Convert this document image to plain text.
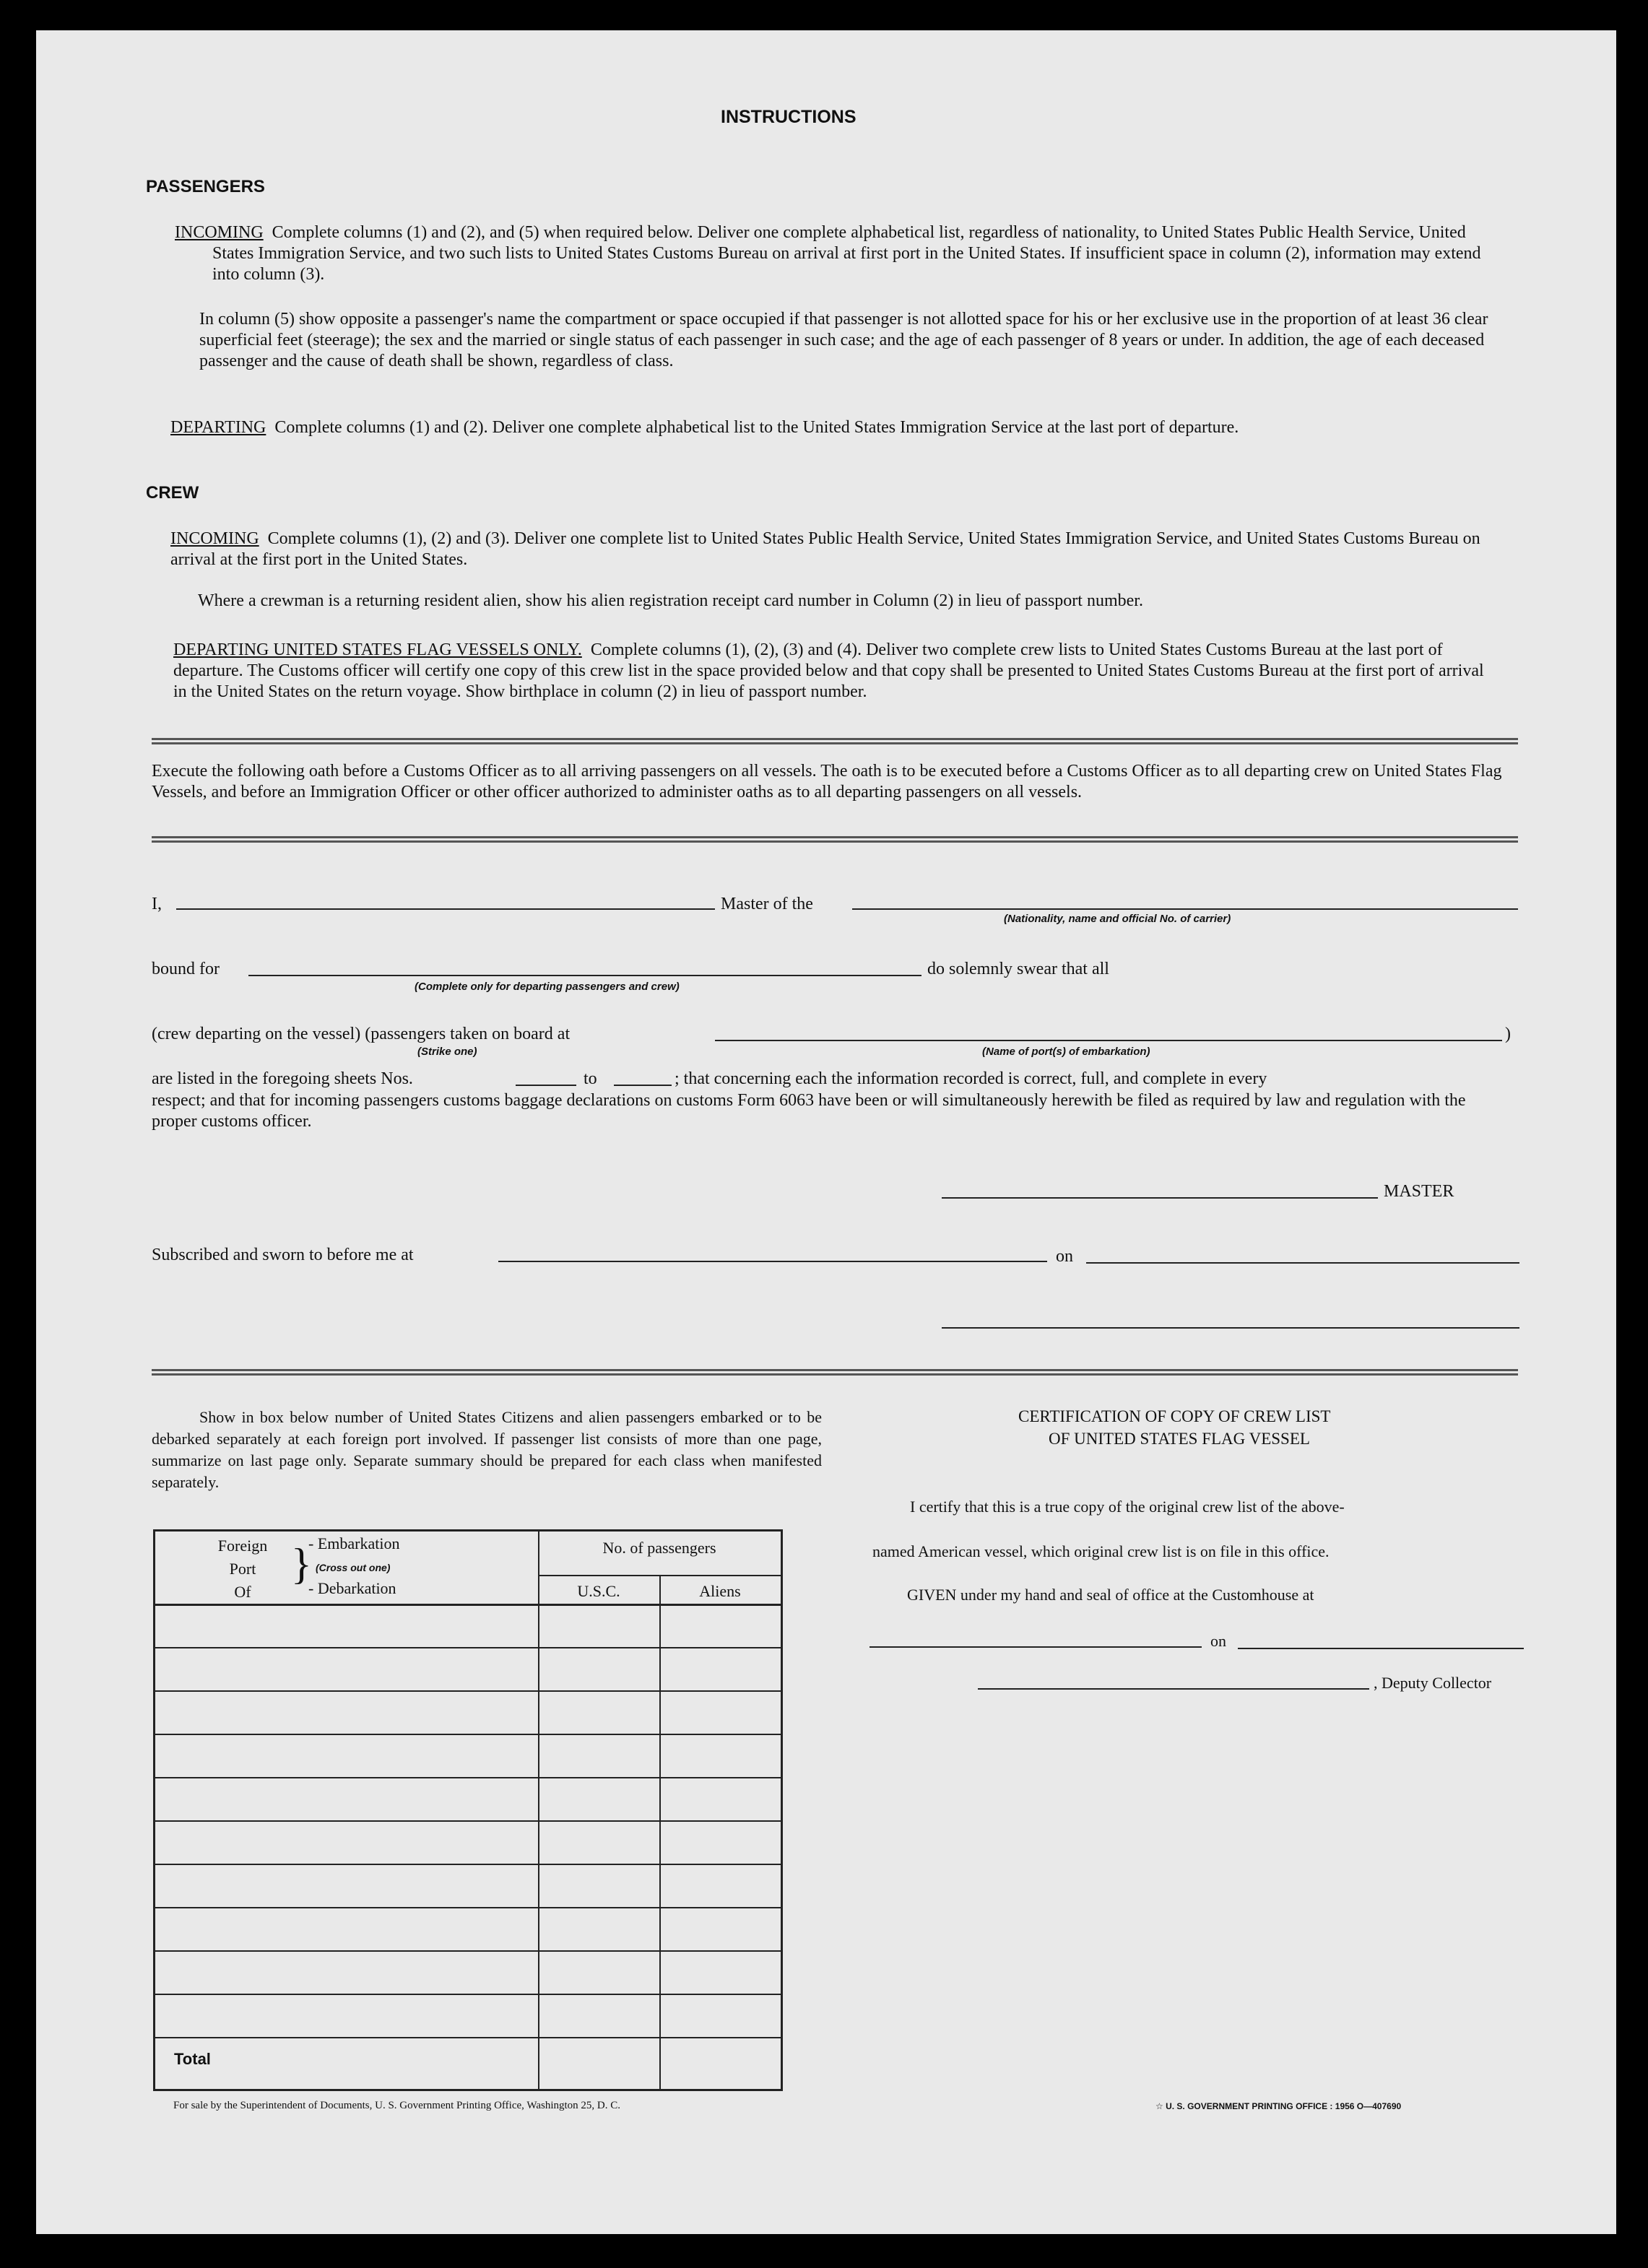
INSTRUCTIONS
PASSENGERS
INCOMING Complete columns (1) and (2), and (5) when required below. Deliver one complete alphabetical list, regardless of nationality, to United States Public Health Service, United States Immigration Service, and two such lists to United States Customs Bureau on arrival at first port in the United States. If insufficient space in column (2), information may extend into column (3).
In column (5) show opposite a passenger's name the compartment or space occupied if that passenger is not allotted space for his or her exclusive use in the proportion of at least 36 clear superficial feet (steerage); the sex and the married or single status of each passenger in such case; and the age of each passenger of 8 years or under. In addition, the age of each deceased passenger and the cause of death shall be shown, regardless of class.
DEPARTING Complete columns (1) and (2). Deliver one complete alphabetical list to the United States Immigration Service at the last port of departure.
CREW
INCOMING Complete columns (1), (2) and (3). Deliver one complete list to United States Public Health Service, United States Immigration Service, and United States Customs Bureau on arrival at the first port in the United States.
Where a crewman is a returning resident alien, show his alien registration receipt card number in Column (2) in lieu of passport number.
DEPARTING UNITED STATES FLAG VESSELS ONLY. Complete columns (1), (2), (3) and (4). Deliver two complete crew lists to United States Customs Bureau at the last port of departure. The Customs officer will certify one copy of this crew list in the space provided below and that copy shall be presented to United States Customs Bureau at the first port of arrival in the United States on the return voyage. Show birthplace in column (2) in lieu of passport number.
Execute the following oath before a Customs Officer as to all arriving passengers on all vessels. The oath is to be executed before a Customs Officer as to all departing crew on United States Flag Vessels, and before an Immigration Officer or other officer authorized to administer oaths as to all departing passengers on all vessels.
I,	Master of the
(Nationality, name and official No. of carrier)
bound for
(Complete only for departing passengers and crew)
do solemnly swear that all
(crew departing on the vessel) (passengers taken on board at
(Strike one)	(Name of port(s) of embarkation)
)
are listed in the foregoing sheets Nos.	to	; that concerning each the information recorded is correct, full, and complete in every
respect; and that for incoming passengers customs baggage declarations on customs Form 6063 have been or will simultaneously herewith be filed as required by law and regulation with the proper customs officer.
MASTER
Subscribed and sworn to before me at	on
Show in box below number of United States Citizens and alien passengers embarked or to be debarked separately at each foreign port involved. If passenger list consists of more than one page, summarize on last page only. Separate summary should be prepared for each class when manifested separately.
Foreign
Port
Of
}
- Embarkation
(Cross out one)
- Debarkation
No. of passengers
U.S.C.	Aliens
Total
CERTIFICATION OF COPY OF CREW LIST
OF UNITED STATES FLAG VESSEL
I certify that this is a true copy of the original crew list of the above-
named American vessel, which original crew list is on file in this office.
GIVEN under my hand and seal of office at the Customhouse at
on
, Deputy Collector
For sale by the Superintendent of Documents, U. S. Government Printing Office, Washington 25, D. C.	☆ U. S. GOVERNMENT PRINTING OFFICE : 1956 O—407690
